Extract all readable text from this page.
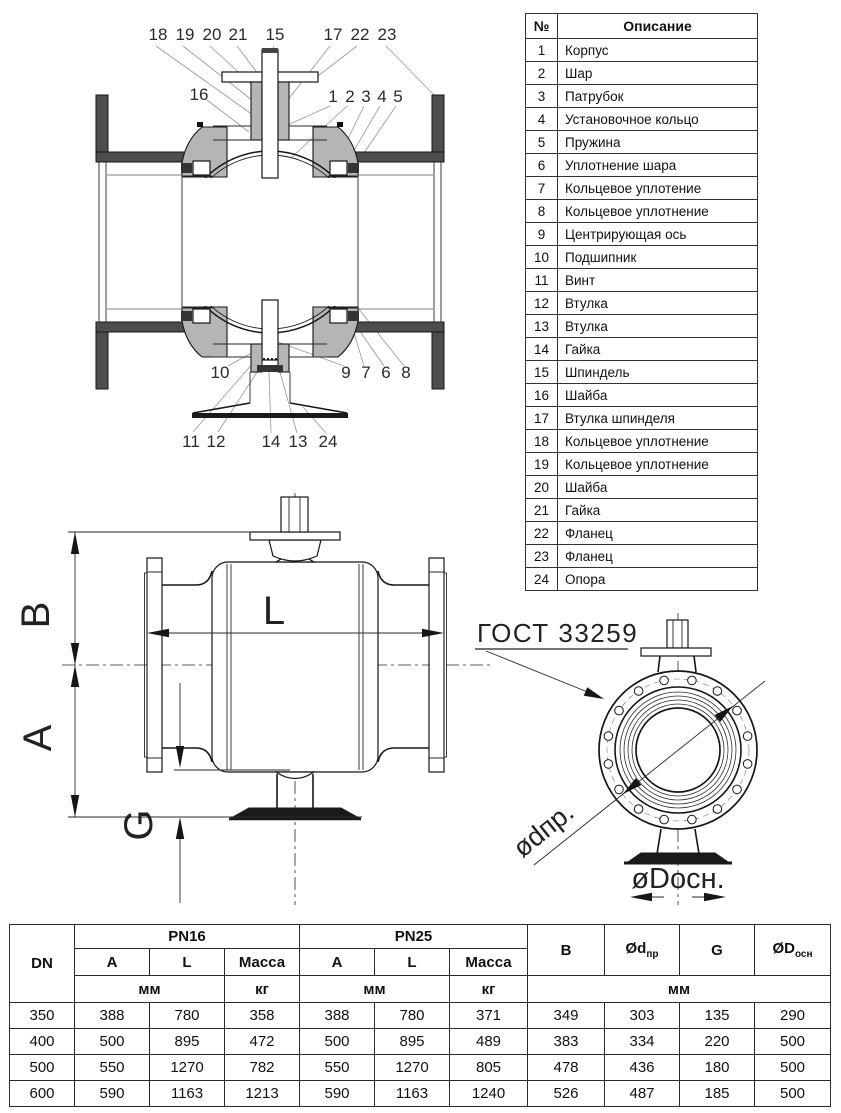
18 19 20 21 15 17 22 23
16	1 2 3 4 5
10	9 7 6 8
11 12 14 13 24
№	Описание
1	Корпус
2	Шар
3	Патрубок
4	Установочное кольцо
5	Пружина
6	Уплотнение шара
7	Кольцевое уплотение
8	Кольцевое уплотнение
9	Центрирующая ось
10	Подшипник
11	Винт
12	Втулка
13	Втулка
14	Гайка
15	Шпиндель
16	Шайба
17	Втулка шпинделя
18	Кольцевое уплотнение
19	Кольцевое уплотнение
20	Шайба
21	Гайка
22	Фланец
23	Фланец
24	Опора
B
A
L
G
ГОСТ 33259
ødпр.
øDосн.
DN	PN16			PN25			B	$Ød_{пр}$	G	$ØD_{осн}$
	A	L	Масса	A	L	Масса				
	мм		кг	мм		кг	мм			
350	388	780	358	388	780	371	349	303	135	290
400	500	895	472	500	895	489	383	334	220	500
500	550	1270	782	550	1270	805	478	436	180	500
600	590	1163	1213	590	1163	1240	526	487	185	500
